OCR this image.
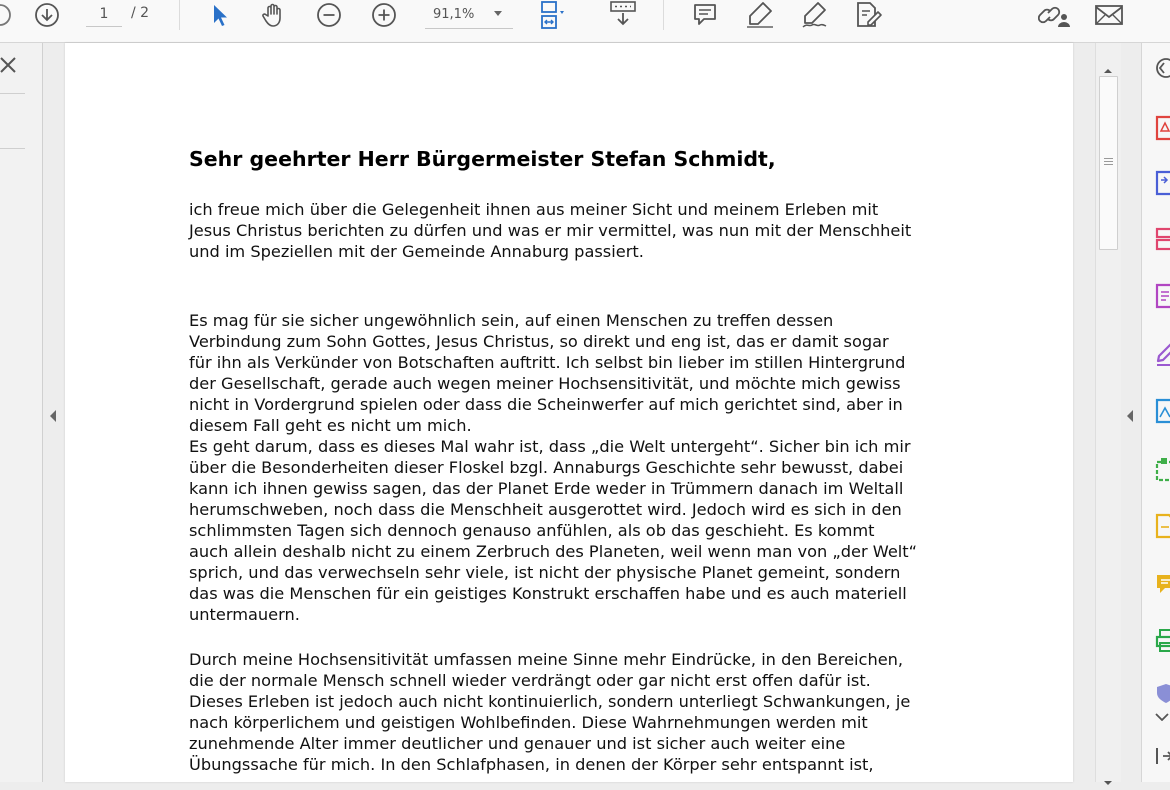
1
/ 2	91,1%
Sehr geehrter Herr Bürgermeister Stefan Schmidt,
ich freue mich über die Gelegenheit ihnen aus meiner Sicht und meinem Erleben mit
Jesus Christus berichten zu dürfen und was er mir vermittel, was nun mit der Menschheit
und im Speziellen mit der Gemeinde Annaburg passiert.
Es mag für sie sicher ungewöhnlich sein, auf einen Menschen zu treffen dessen
Verbindung zum Sohn Gottes, Jesus Christus, so direkt und eng ist, das er damit sogar
für ihn als Verkünder von Botschaften auftritt. Ich selbst bin lieber im stillen Hintergrund
der Gesellschaft, gerade auch wegen meiner Hochsensitivität, und möchte mich gewiss
nicht in Vordergrund spielen oder dass die Scheinwerfer auf mich gerichtet sind, aber in
diesem Fall geht es nicht um mich.
Es geht darum, dass es dieses Mal wahr ist, dass „die Welt untergeht“. Sicher bin ich mir
über die Besonderheiten dieser Floskel bzgl. Annaburgs Geschichte sehr bewusst, dabei
kann ich ihnen gewiss sagen, das der Planet Erde weder in Trümmern danach im Weltall
herumschweben, noch dass die Menschheit ausgerottet wird. Jedoch wird es sich in den
schlimmsten Tagen sich dennoch genauso anfühlen, als ob das geschieht. Es kommt
auch allein deshalb nicht zu einem Zerbruch des Planeten, weil wenn man von „der Welt“
sprich, und das verwechseln sehr viele, ist nicht der physische Planet gemeint, sondern
das was die Menschen für ein geistiges Konstrukt erschaffen habe und es auch materiell
untermauern.
Durch meine Hochsensitivität umfassen meine Sinne mehr Eindrücke, in den Bereichen,
die der normale Mensch schnell wieder verdrängt oder gar nicht erst offen dafür ist.
Dieses Erleben ist jedoch auch nicht kontinuierlich, sondern unterliegt Schwankungen, je
nach körperlichem und geistigen Wohlbefinden. Diese Wahrnehmungen werden mit
zunehmende Alter immer deutlicher und genauer und ist sicher auch weiter eine
Übungssache für mich. In den Schlafphasen, in denen der Körper sehr entspannt ist,
